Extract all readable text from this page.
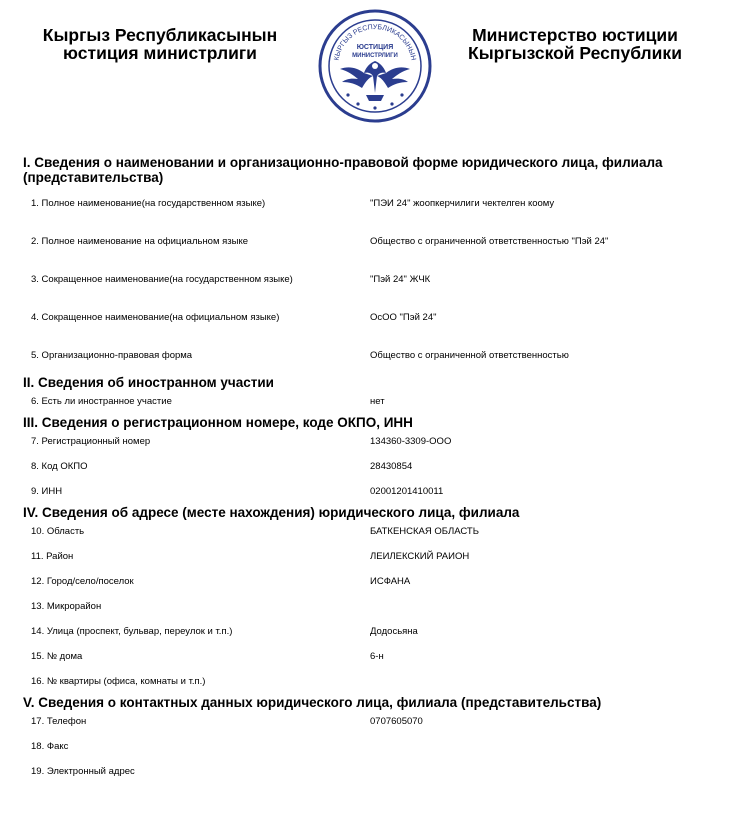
Кыргыз Республикасынын
юстиция министрлиги	КЫРГЫЗ РЕСПУБЛИКАСЫНЫН
ЮСТИЦИЯ
МИНИСТРЛИГИ
Министерство юстиции
Кыргызской Республики
I. Сведения о наименовании и организационно-правовой форме юридического лица, филиала (представительства)
1. Полное наименование(на государственном языке)	"ПЭИ 24" жоопкерчилиги чектелген коому
2. Полное наименование на официальном языке	Общество с ограниченной ответственностью "Пэй 24"
3. Сокращенное наименование(на государственном языке)	"Пэй 24" ЖЧК
4. Сокращенное наименование(на официальном языке)	ОсОО "Пэй 24"
5. Организационно-правовая форма	Общество с ограниченной ответственностью
II. Сведения об иностранном участии
6. Есть ли иностранное участие	нет
III. Сведения о регистрационном номере, коде ОКПО, ИНН
7. Регистрационный номер	134360-3309-ООО
8. Код ОКПО	28430854
9. ИНН	02001201410011
IV. Сведения об адресе (месте нахождения) юридического лица, филиала
10. Область	БАТКЕНСКАЯ ОБЛАСТЬ
11. Район	ЛЕИЛЕКСКИЙ РАИОН
12. Город/село/поселок	ИСФАНА
13. Микрорайон
14. Улица (проспект, бульвар, переулок и т.п.)	Додосьяна
15. № дома	6-н
16. № квартиры (офиса, комнаты и т.п.)
V. Сведения о контактных данных юридического лица, филиала (представительства)
17. Телефон	0707605070
18. Факс
19. Электронный адрес
